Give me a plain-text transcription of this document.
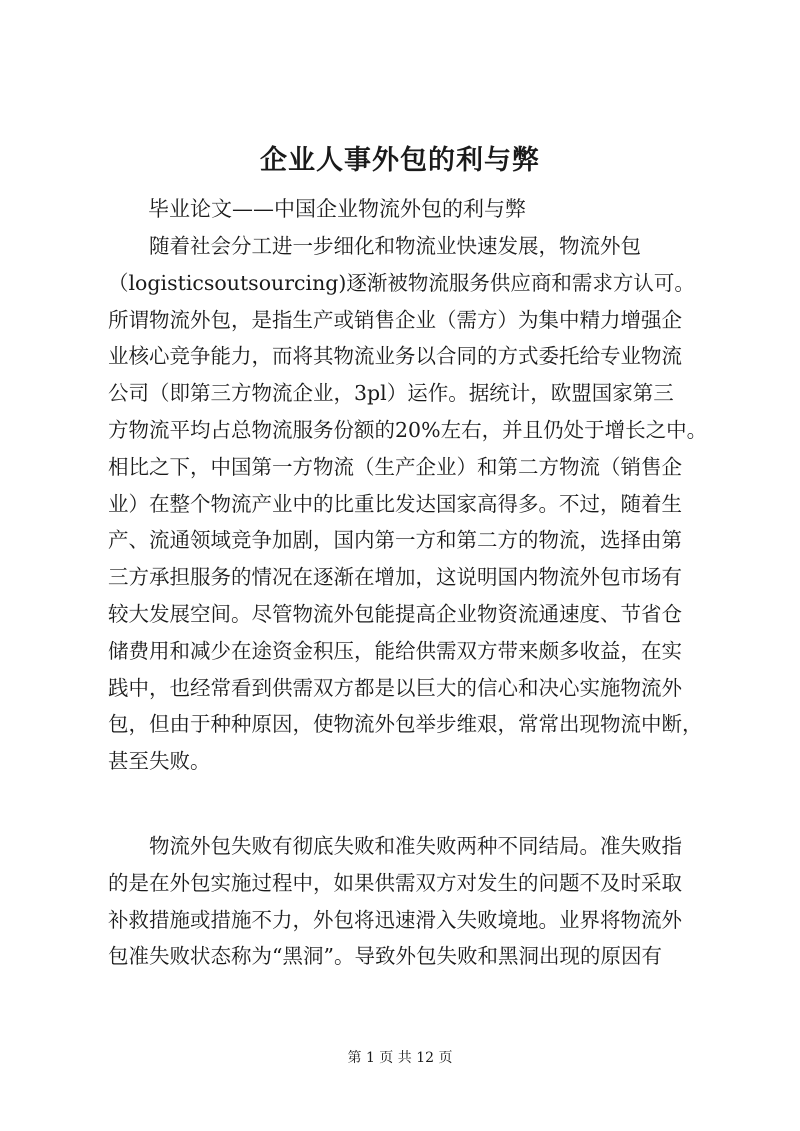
企业人事外包的利与弊

毕业论文——中国企业物流外包的利与弊

随着社会分工进一步细化和物流业快速发展，物流外包
（logisticsoutsourcing)逐渐被物流服务供应商和需求方认可。
所谓物流外包，是指生产或销售企业（需方）为集中精力增强企
业核心竞争能力，而将其物流业务以合同的方式委托给专业物流
公司（即第三方物流企业，3pl）运作。据统计，欧盟国家第三
方物流平均占总物流服务份额的20%左右，并且仍处于增长之中。
相比之下，中国第一方物流（生产企业）和第二方物流（销售企
业）在整个物流产业中的比重比发达国家高得多。不过，随着生
产、流通领域竞争加剧，国内第一方和第二方的物流，选择由第
三方承担服务的情况在逐渐在增加，这说明国内物流外包市场有
较大发展空间。尽管物流外包能提高企业物资流通速度、节省仓
储费用和减少在途资金积压，能给供需双方带来颇多收益，在实
践中，也经常看到供需双方都是以巨大的信心和决心实施物流外
包，但由于种种原因，使物流外包举步维艰，常常出现物流中断，
甚至失败。
物流外包失败有彻底失败和准失败两种不同结局。准失败指
的是在外包实施过程中，如果供需双方对发生的问题不及时采取
补救措施或措施不力，外包将迅速滑入失败境地。业界将物流外
包准失败状态称为“黑洞”。导致外包失败和黑洞出现的原因有

第 1 页 共 12 页
